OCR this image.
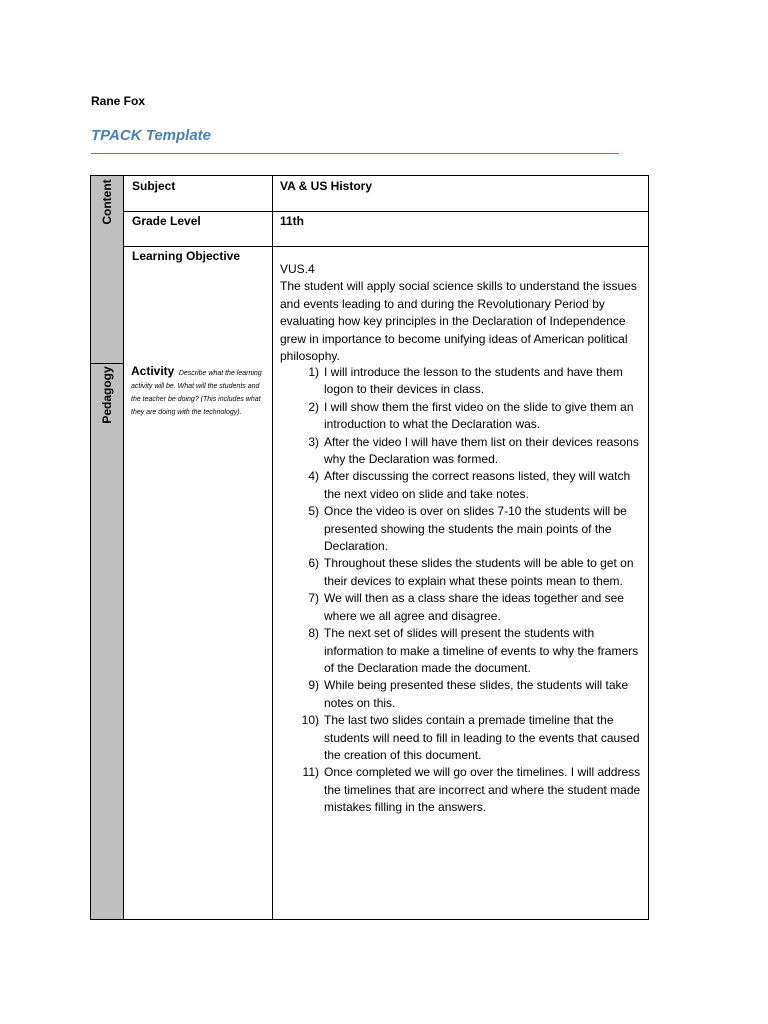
Rane Fox
TPACK Template
Content
Pedagogy
Subject	VA & US History
Grade Level	11th
Learning Objective
VUS.4
The student will apply social science skills to understand the issues and events leading to and during the Revolutionary Period by evaluating how key principles in the Declaration of Independence grew in importance to become unifying ideas of American political philosophy.
Activity Describe what the learning activity will be. What will the students and the teacher be doing? (This includes what they are doing with the technology).
1) I will introduce the lesson to the students and have them logon to their devices in class.
2) I will show them the first video on the slide to give them an introduction to what the Declaration was.
3) After the video I will have them list on their devices reasons why the Declaration was formed.
4) After discussing the correct reasons listed, they will watch the next video on slide and take notes.
5) Once the video is over on slides 7-10 the students will be presented showing the students the main points of the Declaration.
6) Throughout these slides the students will be able to get on their devices to explain what these points mean to them.
7) We will then as a class share the ideas together and see where we all agree and disagree.
8) The next set of slides will present the students with information to make a timeline of events to why the framers of the Declaration made the document.
9) While being presented these slides, the students will take notes on this.
10) The last two slides contain a premade timeline that the students will need to fill in leading to the events that caused the creation of this document.
11) Once completed we will go over the timelines. I will address the timelines that are incorrect and where the student made mistakes filling in the answers.
